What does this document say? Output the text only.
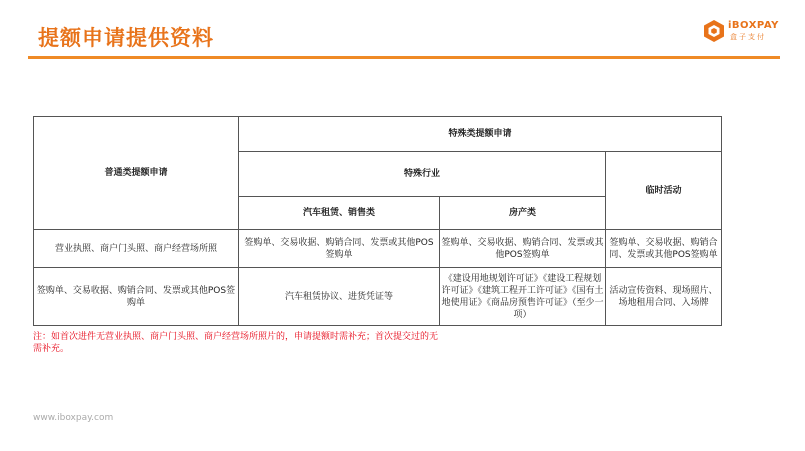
提额申请提供资料
iBOXPAY
盒子支付
普通类提额申请	特殊类提额申请		
	特殊行业		临时活动
	汽车租赁、销售类	房产类	
营业执照、商户门头照、商户经营场所照	签购单、交易收据、购销合同、发票或其他POS签购单	签购单、交易收据、购销合同、发票或其他POS签购单	签购单、交易收据、购销合同、发票或其他POS签购单
签购单、交易收据、购销合同、发票或其他POS签购单	汽车租赁协议、进货凭证等	《建设用地规划许可证》《建设工程规划许可证》《建筑工程开工许可证》《国有土地使用证》《商品房预售许可证》（至少一项）	活动宣传资料、现场照片、场地租用合同、入场牌
注：如首次进件无营业执照、商户门头照、商户经营场所照片的，申请提额时需补充；首次提交过的无需补充。
www.iboxpay.com
